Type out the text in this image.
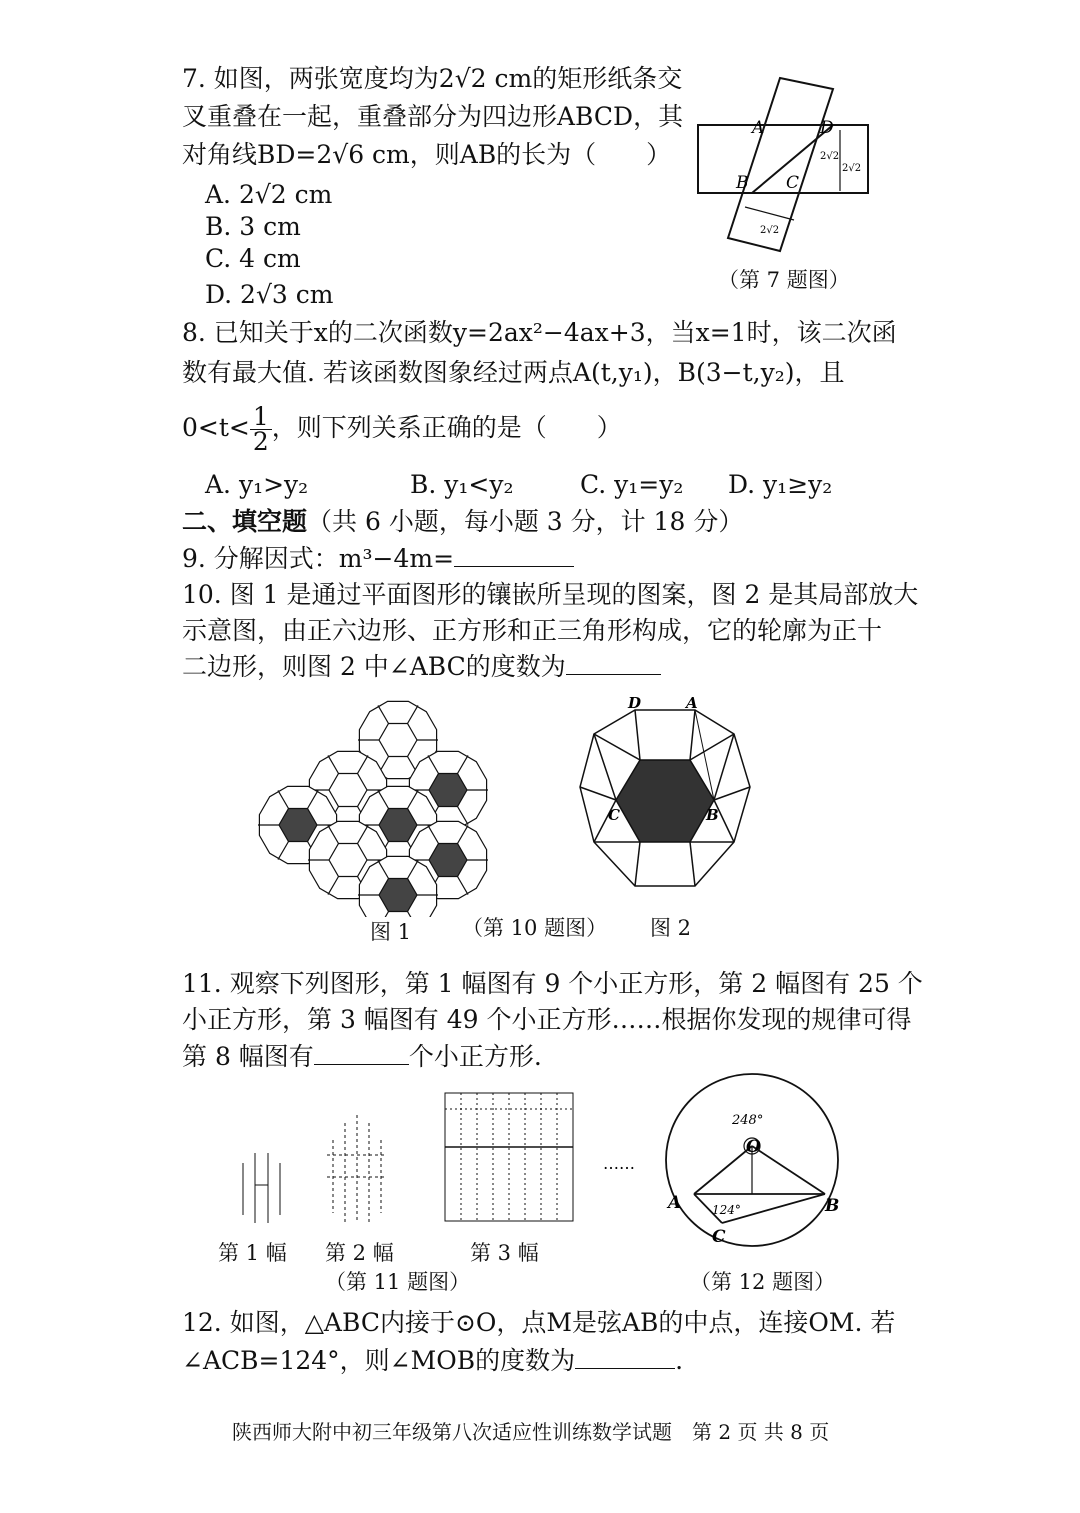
7. 如图，两张宽度均为2√2 cm的矩形纸条交
叉重叠在一起，重叠部分为四边形ABCD，其
对角线BD=2√6 cm，则AB的长为（　　）
A. 2√2 cm
B. 3 cm
C. 4 cm
D. 2√3 cm
A	D
B C
2√2
2√2
2√2
（第 7 题图）
8. 已知关于x的二次函数y=2ax²−4ax+3，当x=1时，该二次函
数有最大值. 若该函数图象经过两点A(t,y₁)，B(3−t,y₂)，且
$0<t< \frac{1}{2}$ ，则下列关系正确的是（　　）
A. y₁>y₂	B. y₁<y₂	C. y₁=y₂ D. y₁≥y₂
二、填空题（共 6 小题，每小题 3 分，计 18 分）
9. 分解因式：m³−4m=
10. 图 1 是通过平面图形的镶嵌所呈现的图案，图 2 是其局部放大
示意图，由正六边形、正方形和正三角形构成，它的轮廓为正十
二边形，则图 2 中∠ABC的度数为
D	A
C	B
图 1 （第 10 题图） 图 2
11. 观察下列图形，第 1 幅图有 9 个小正方形，第 2 幅图有 25 个
小正方形，第 3 幅图有 49 个小正方形……根据你发现的规律可得
第 8 幅图有	个小正方形.
……
第 1 幅 第 2 幅	第 3 幅
（第 11 题图）
O
A	B
C
248°
124°
（第 12 题图）
12. 如图，△ABC内接于⊙O，点M是弦AB的中点，连接OM. 若
∠ACB=124°，则∠MOB的度数为	.
陕西师大附中初三年级第八次适应性训练数学试题　第 2 页 共 8 页
